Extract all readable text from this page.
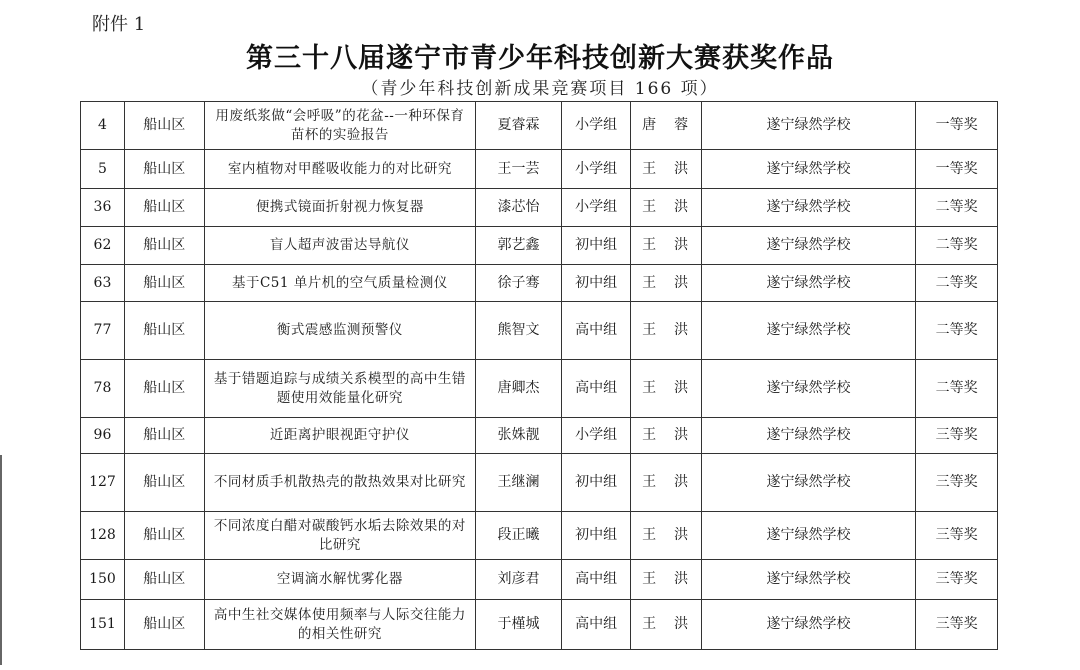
附件 1
第三十八届遂宁市青少年科技创新大赛获奖作品
（青少年科技创新成果竞赛项目 166 项）
4	船山区	用废纸浆做“会呼吸”的花盆--一种环保育苗杯的实验报告	夏睿霖	小学组	唐　蓉	遂宁绿然学校	一等奖
5	船山区	室内植物对甲醛吸收能力的对比研究	王一芸	小学组	王　洪	遂宁绿然学校	一等奖
36	船山区	便携式镜面折射视力恢复器	漆芯怡	小学组	王　洪	遂宁绿然学校	二等奖
62	船山区	盲人超声波雷达导航仪	郭艺鑫	初中组	王　洪	遂宁绿然学校	二等奖
63	船山区	基于C51 单片机的空气质量检测仪	徐子骞	初中组	王　洪	遂宁绿然学校	二等奖
77	船山区	衡式震感监测预警仪	熊智文	高中组	王　洪	遂宁绿然学校	二等奖
78	船山区	基于错题追踪与成绩关系模型的高中生错题使用效能量化研究	唐卿杰	高中组	王　洪	遂宁绿然学校	二等奖
96	船山区	近距离护眼视距守护仪	张姝靓	小学组	王　洪	遂宁绿然学校	三等奖
127	船山区	不同材质手机散热壳的散热效果对比研究	王继澜	初中组	王　洪	遂宁绿然学校	三等奖
128	船山区	不同浓度白醋对碳酸钙水垢去除效果的对比研究	段正曦	初中组	王　洪	遂宁绿然学校	三等奖
150	船山区	空调滴水解忧雾化器	刘彦君	高中组	王　洪	遂宁绿然学校	三等奖
151	船山区	高中生社交媒体使用频率与人际交往能力的相关性研究	于槿城	高中组	王　洪	遂宁绿然学校	三等奖
